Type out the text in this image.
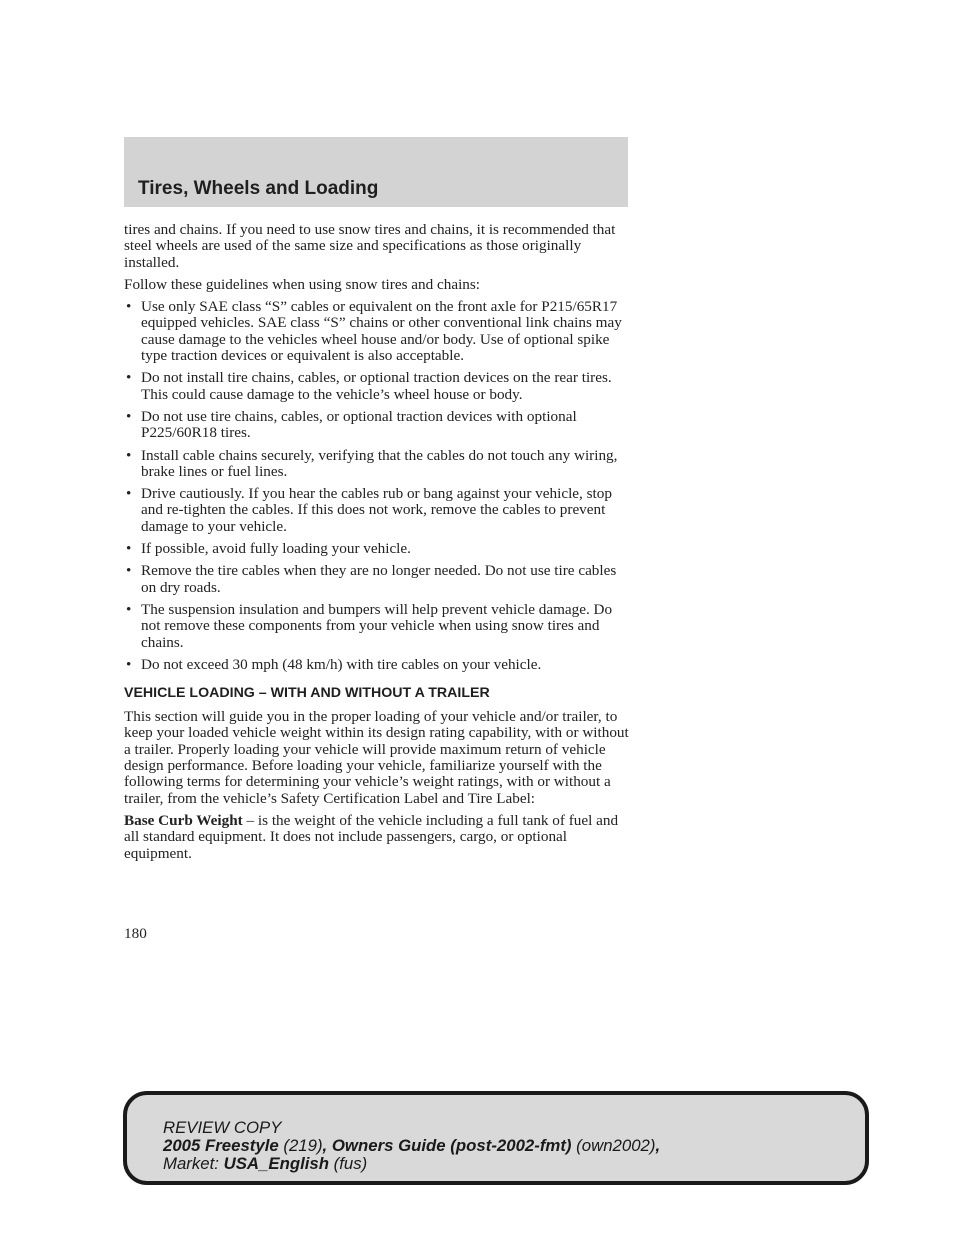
Tires, Wheels and Loading

tires and chains. If you need to use snow tires and chains, it is recommended that steel wheels are used of the same size and specifications as those originally installed.

Follow these guidelines when using snow tires and chains:

• Use only SAE class “S” cables or equivalent on the front axle for P215/65R17 equipped vehicles. SAE class “S” chains or other conventional link chains may cause damage to the vehicles wheel house and/or body. Use of optional spike type traction devices or equivalent is also acceptable.
• Do not install tire chains, cables, or optional traction devices on the rear tires. This could cause damage to the vehicle’s wheel house or body.
• Do not use tire chains, cables, or optional traction devices with optional P225/60R18 tires.
• Install cable chains securely, verifying that the cables do not touch any wiring, brake lines or fuel lines.
• Drive cautiously. If you hear the cables rub or bang against your vehicle, stop and re-tighten the cables. If this does not work, remove the cables to prevent damage to your vehicle.
• If possible, avoid fully loading your vehicle.
• Remove the tire cables when they are no longer needed. Do not use tire cables on dry roads.
• The suspension insulation and bumpers will help prevent vehicle damage. Do not remove these components from your vehicle when using snow tires and chains.
• Do not exceed 30 mph (48 km/h) with tire cables on your vehicle.
VEHICLE LOADING – WITH AND WITHOUT A TRAILER

This section will guide you in the proper loading of your vehicle and/or trailer, to keep your loaded vehicle weight within its design rating capability, with or without a trailer. Properly loading your vehicle will provide maximum return of vehicle design performance. Before loading your vehicle, familiarize yourself with the following terms for determining your vehicle’s weight ratings, with or without a trailer, from the vehicle’s Safety Certification Label and Tire Label:

Base Curb Weight – is the weight of the vehicle including a full tank of fuel and all standard equipment. It does not include passengers, cargo, or optional equipment.

180
REVIEW COPY
2005 Freestyle (219), Owners Guide (post-2002-fmt) (own2002),
Market: USA_English (fus)
